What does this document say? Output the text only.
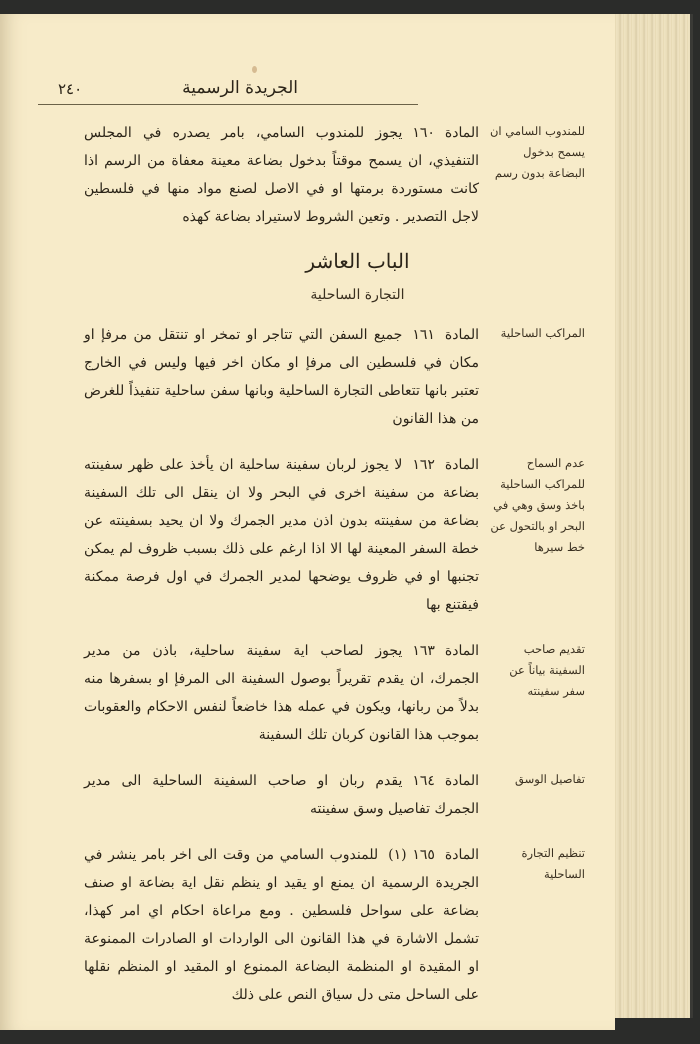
الجريدة الرسمية
٢٤٠
للمندوب السامي ان يسمح بدخول البضاعة بدون رسم
المادة١٦٠يجوز للمندوب السامي، بامر يصدره في المجلس التنفيذي، ان يسمح موقتاً بدخول بضاعة معينة معفاة من الرسم اذا كانت مستوردة برمتها او في الاصل لصنع مواد منها في فلسطين لاجل التصدير . وتعين الشروط لاستيراد بضاعة كهذه
الباب العاشر
التجارة الساحلية
المراكب الساحلية
المادة١٦١جميع السفن التي تتاجر او تمخر او تنتقل من مرفإ او مكان في فلسطين الى مرفإ او مكان اخر فيها وليس في الخارج تعتبر بانها تتعاطى التجارة الساحلية وبانها سفن ساحلية تنفيذاً للغرض من هذا القانون
عدم السماح للمراكب الساحلية باخذ وسق وهي في البحر او بالتحول عن خط سيرها
المادة١٦٢لا يجوز لربان سفينة ساحلية ان يأخذ على ظهر سفينته بضاعة من سفينة اخرى في البحر ولا ان ينقل الى تلك السفينة بضاعة من سفينته بدون اذن مدير الجمرك ولا ان يحيد بسفينته عن خطة السفر المعينة لها الا اذا ارغم على ذلك بسبب ظروف لم يمكن تجنبها او في ظروف يوضحها لمدير الجمرك في اول فرصة ممكنة فيقتنع بها
تقديم صاحب السفينة بياناً عن سفر سفينته
المادة١٦٣يجوز لصاحب اية سفينة ساحلية، باذن من مدير الجمرك، ان يقدم تقريراً بوصول السفينة الى المرفإ او بسفرها منه بدلاً من ربانها، ويكون في عمله هذا خاضعاً لنفس الاحكام والعقوبات بموجب هذا القانون كربان تلك السفينة
تفاصيل الوسق
المادة١٦٤يقدم ربان او صاحب السفينة الساحلية الى مدير الجمرك تفاصيل وسق سفينته
تنظيم التجارة الساحلية
المادة١٦٥ (١)للمندوب السامي من وقت الى اخر بامر ينشر في الجريدة الرسمية ان يمنع او يقيد او ينظم نقل اية بضاعة او صنف بضاعة على سواحل فلسطين . ومع مراعاة احكام اي امر كهذا، تشمل الاشارة في هذا القانون الى الواردات او الصادرات الممنوعة او المقيدة او المنظمة البضاعة الممنوع او المقيد او المنظم نقلها على الساحل متى دل سياق النص على ذلك
